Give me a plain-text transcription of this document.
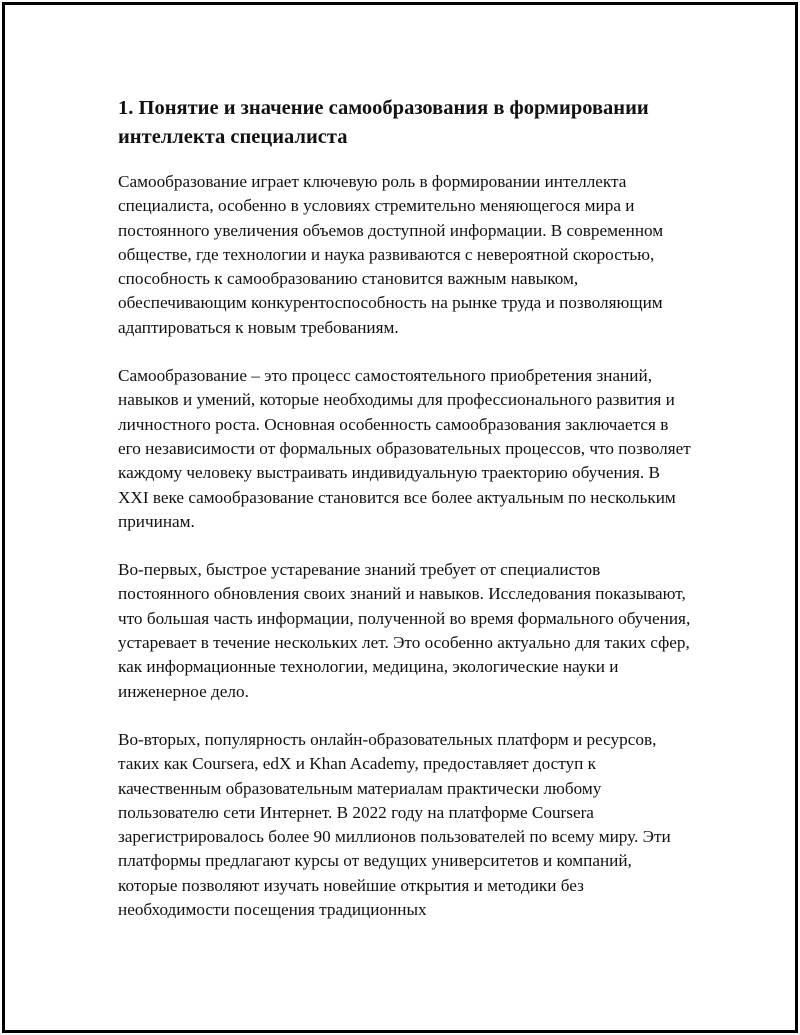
1. Понятие и значение самообразования в формировании интеллекта специалиста

Самообразование играет ключевую роль в формировании интеллекта специалиста, особенно в условиях стремительно меняющегося мира и постоянного увеличения объемов доступной информации. В современном обществе, где технологии и наука развиваются с невероятной скоростью, способность к самообразованию становится важным навыком, обеспечивающим конкурентоспособность на рынке труда и позволяющим адаптироваться к новым требованиям.

Самообразование – это процесс самостоятельного приобретения знаний, навыков и умений, которые необходимы для профессионального развития и личностного роста. Основная особенность самообразования заключается в его независимости от формальных образовательных процессов, что позволяет каждому человеку выстраивать индивидуальную траекторию обучения. В XXI веке самообразование становится все более актуальным по нескольким причинам.

Во-первых, быстрое устаревание знаний требует от специалистов постоянного обновления своих знаний и навыков. Исследования показывают, что большая часть информации, полученной во время формального обучения, устаревает в течение нескольких лет. Это особенно актуально для таких сфер, как информационные технологии, медицина, экологические науки и инженерное дело.

Во-вторых, популярность онлайн-образовательных платформ и ресурсов, таких как Coursera, edX и Khan Academy, предоставляет доступ к качественным образовательным материалам практически любому пользователю сети Интернет. В 2022 году на платформе Coursera зарегистрировалось более 90 миллионов пользователей по всему миру. Эти платформы предлагают курсы от ведущих университетов и компаний, которые позволяют изучать новейшие открытия и методики без необходимости посещения традиционных
